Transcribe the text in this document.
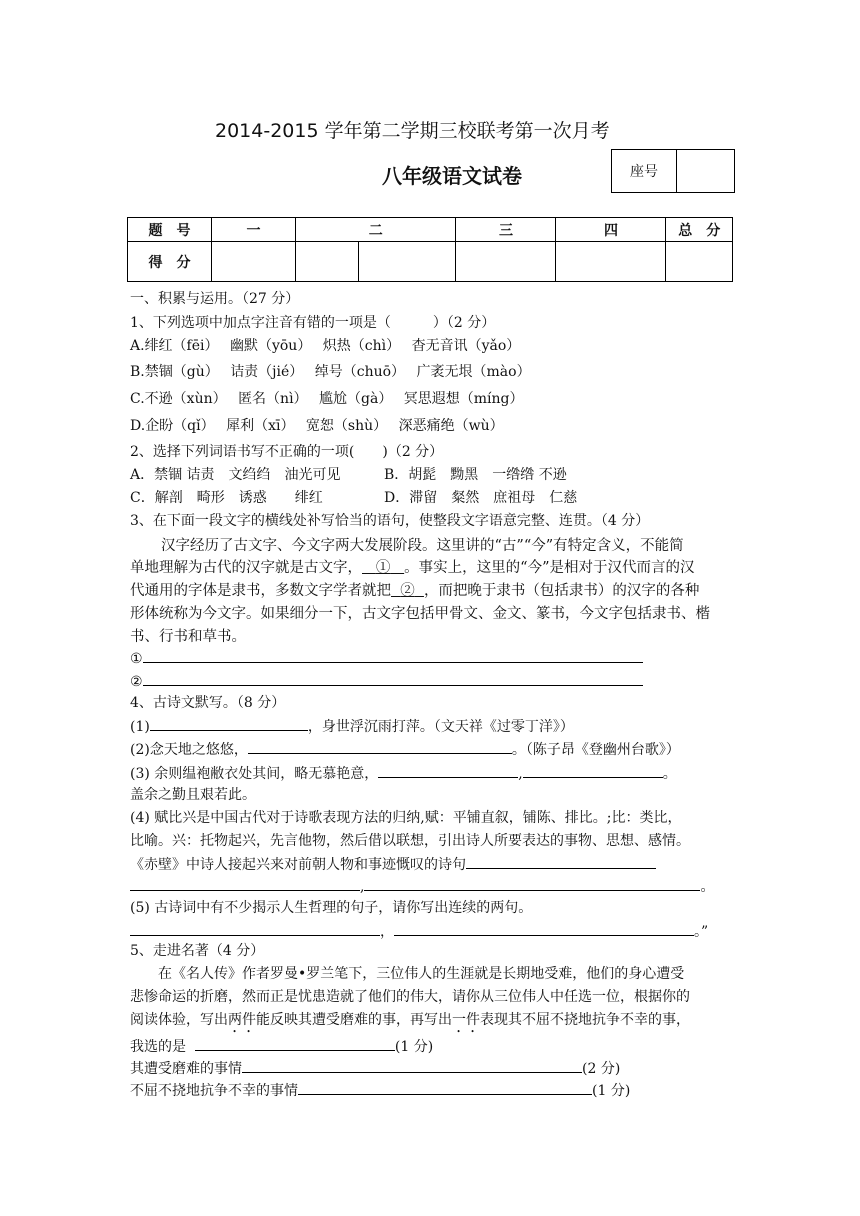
2014-2015 学年第二学期三校联考第一次月考
八年级语文试卷	座号	
题　号	一	二		三	四	总　分
得　分						
一、积累与运用。（27 分）
1、下列选项中加点字注音有错的一项是（　　　）（2 分）
A.绯红（fēi）　 幽默（yōu）　 炽热（chì）　 杳无音讯（yǎo）
B.禁锢（gù）　 诘责（jié）　 绰号（chuō）　 广袤无垠（mào）
C.不逊（xùn）　 匿名（nì）　 尴尬（gà）　 冥思遐想（míng）
D.企盼（qǐ）　 犀利（xī）　 宽恕（shù）　 深恶痛绝（wù）
2、选择下列词语书写不正确的一项(　　)（2 分）
A．禁锢 诘责　文绉绉　油光可见	B．胡髭　黝黑　一绺绺 不逊
C．解剖　畸形　诱惑　　绯红	D．滞留　粲然　庶祖母　仁慈
3、在下面一段文字的横线处补写恰当的语句，使整段文字语意完整、连贯。（4 分）
汉字经历了古文字、今文字两大发展阶段。这里讲的“古”“今”有特定含义，不能简
单地理解为古代的汉字就是古文字， ① 。事实上，这里的“今”是相对于汉代而言的汉
代通用的字体是隶书，多数文字学者就把 ② ，而把晚于隶书（包括隶书）的汉字的各种
形体统称为今文字。如果细分一下，古文字包括甲骨文、金文、篆书，今文字包括隶书、楷
书、行书和草书。
①
②
4、古诗文默写。（8 分）
(1)	，身世浮沉雨打萍。（文天祥《过零丁洋》）
(2)念天地之悠悠，	。（陈子昂《登幽州台歌》）
(3) 余则缊袍敝衣处其间，略无慕艳意，	,	。
盖余之勤且艰若此。
(4) 赋比兴是中国古代对于诗歌表现方法的归纳,赋：平铺直叙，铺陈、排比。;比：类比，
比喻。兴：托物起兴，先言他物，然后借以联想，引出诗人所要表达的事物、思想、感情。
《赤壁》中诗人接起兴来对前朝人物和事迹慨叹的诗句
,	。
(5) 古诗词中有不少揭示人生哲理的句子，请你写出连续的两句。
，	。”
5、走进名著（4 分）
在《名人传》作者罗曼•罗兰笔下，三位伟人的生涯就是长期地受难，他们的身心遭受
悲惨命运的折磨，然而正是忧患造就了他们的伟大，请你从三位伟人中任选一位，根据你的
阅读体验，写出两件能反映其遭受磨难的事，再写出一件表现其不屈不挠地抗争不幸的事，
我选的是	(1 分)
其遭受磨难的事情	(2 分)
不屈不挠地抗争不幸的事情	(1 分)
